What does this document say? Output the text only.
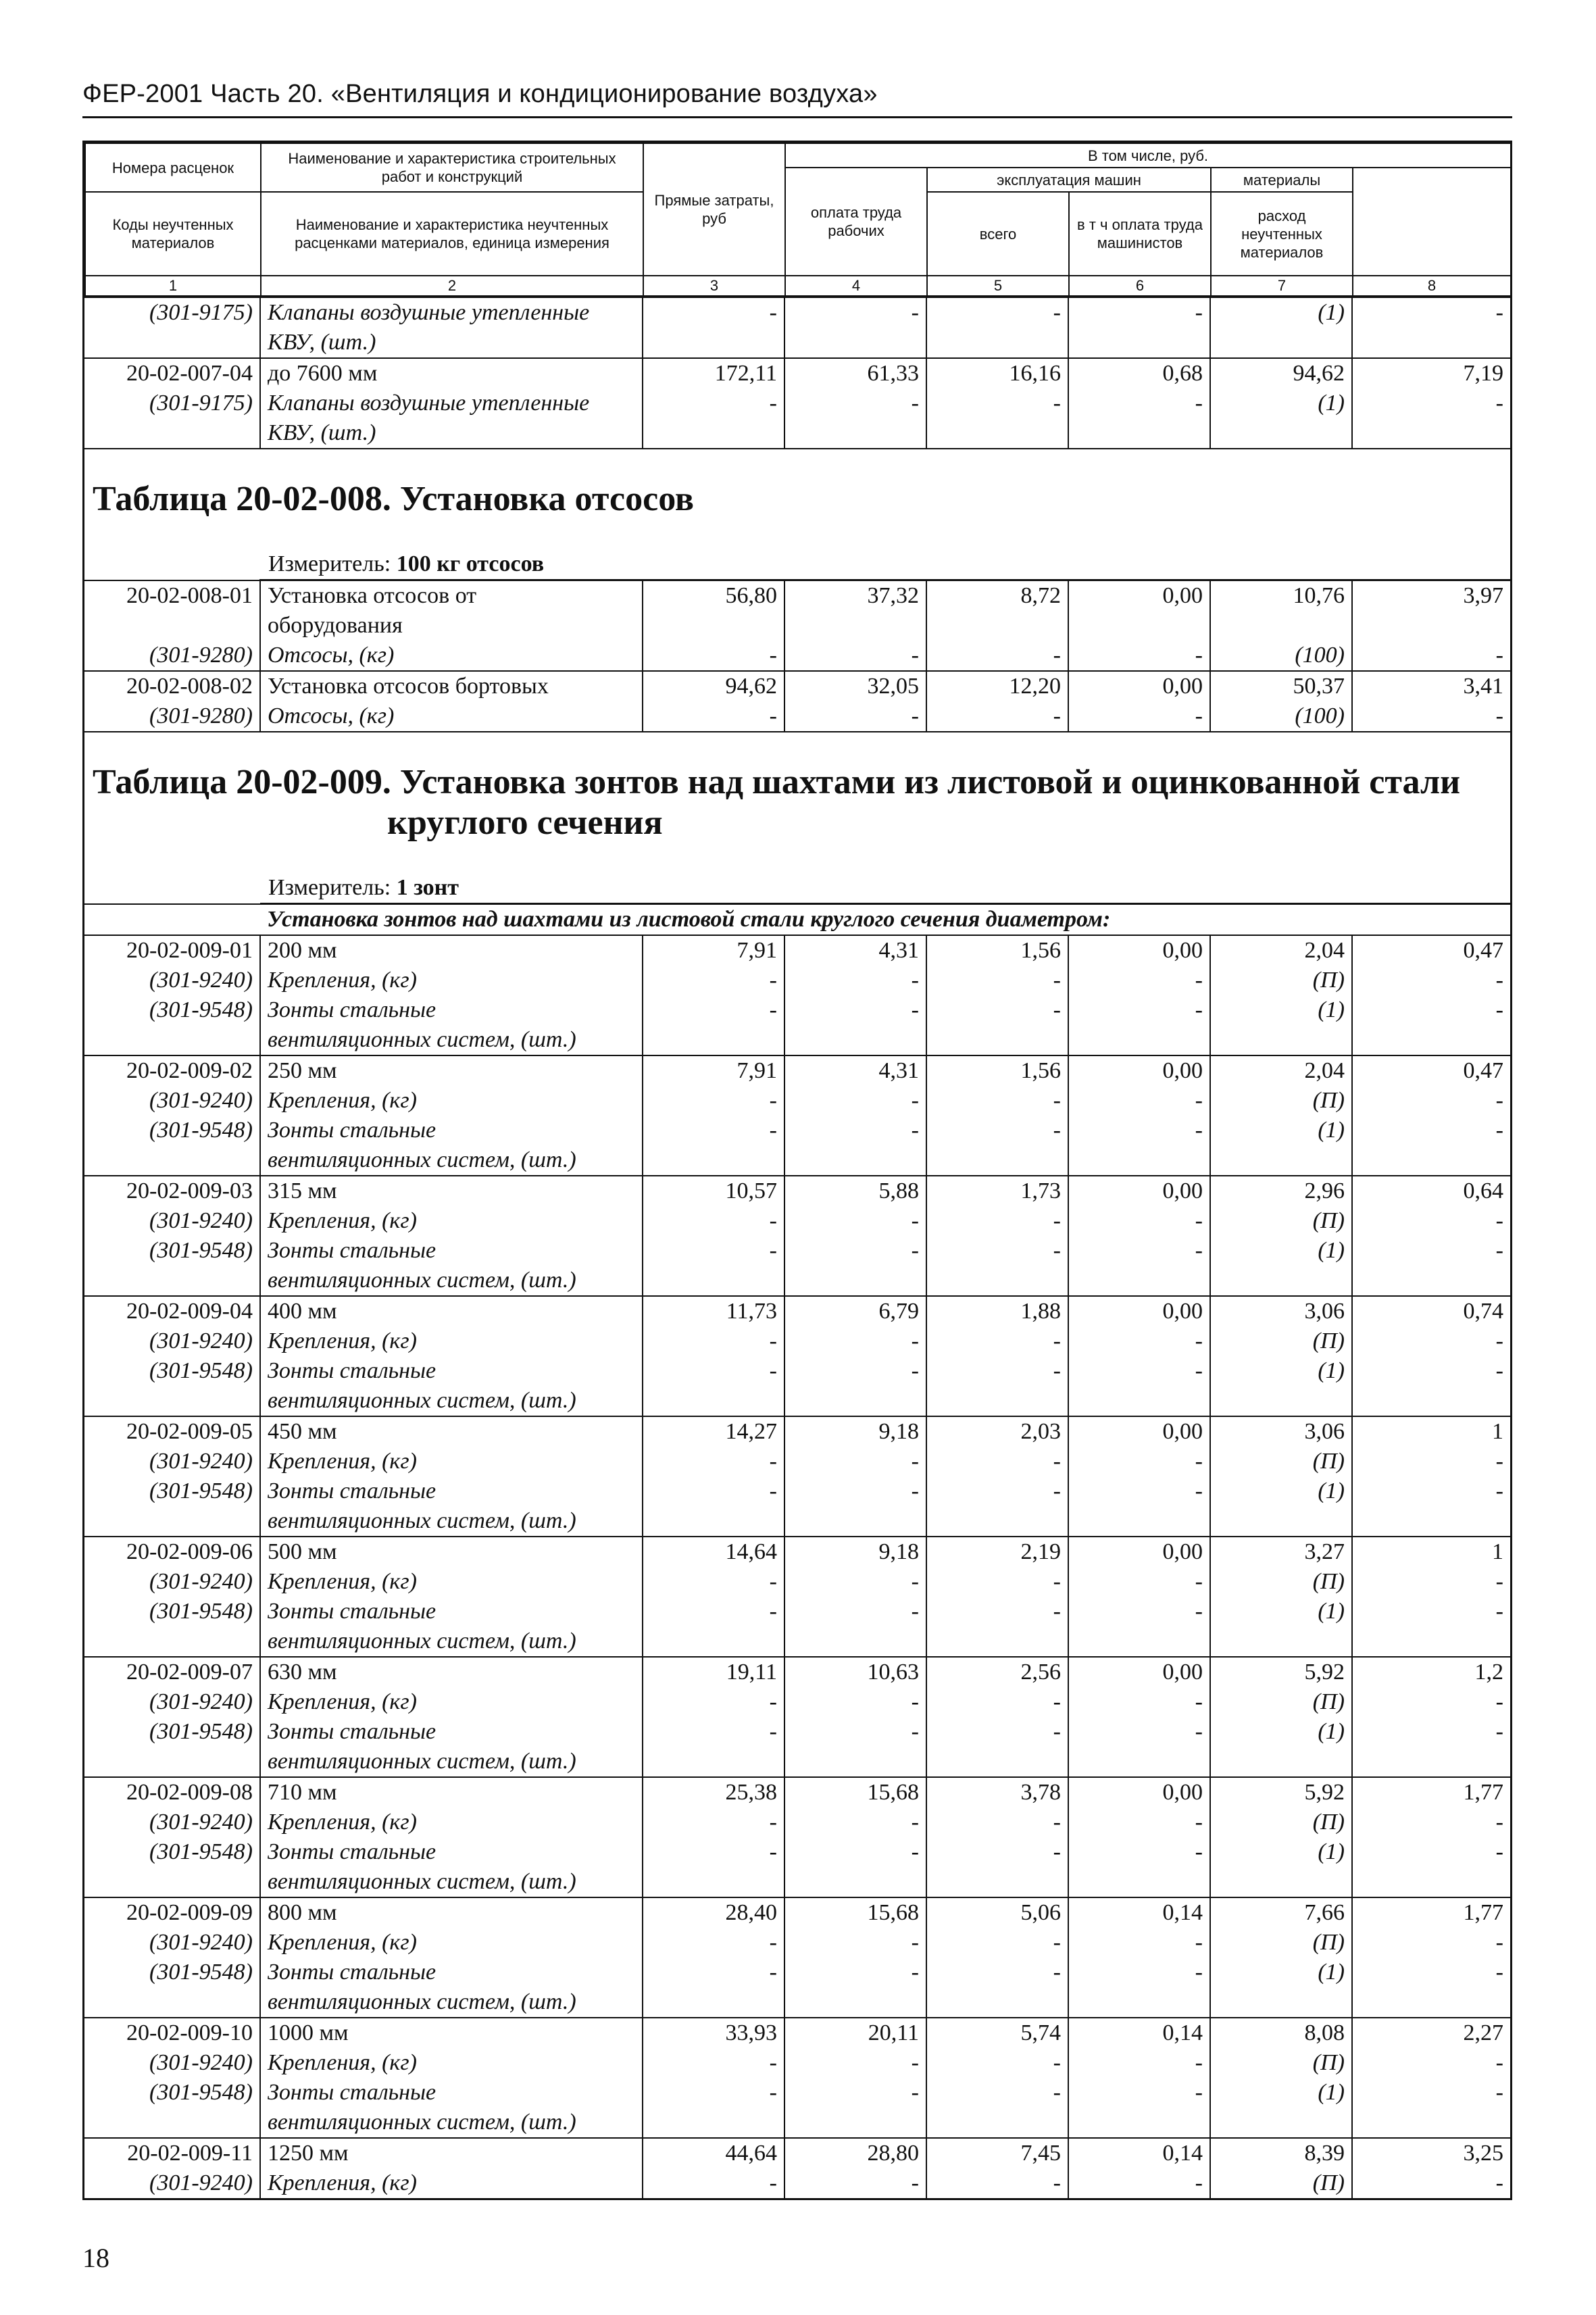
ФЕР-2001 Часть 20. «Вентиляция и кондиционирование воздуха»
Номера расценок	Наименование и характеристика строительных работ и конструкций	Прямые затраты, руб	В том числе, руб.	
			оплата труда рабочих	эксплуатация машин		материалы		
Коды неучтенных материалов	Наименование и характеристика неучтенных расценками материалов, единица измерения			всего	в т ч оплата труда машинистов	расход неучтенных материалов		

1	2	3	4	5	6	7	8	
(301-9175)	Клапаны воздушные утепленные	-	-	-	-	(1)	-
	КВУ, (шт.)						
20-02-007-04	до 7600 мм	172,11	61,33	16,16	0,68	94,62	7,19
(301-9175)	Клапаны воздушные утепленные	-	-	-	-	(1)	-
	КВУ, (шт.)						

Таблица 20-02-008. Установка отсосов							

	Измеритель: 100 кг отсосов						
20-02-008-01	Установка отсосов от	56,80	37,32	8,72	0,00	10,76	3,97
	оборудования						
(301-9280)	Отсосы, (кг)	-	-	-	-	(100)	-
20-02-008-02	Установка отсосов бортовых	94,62	32,05	12,20	0,00	50,37	3,41
(301-9280)	Отсосы, (кг)	-	-	-	-	(100)	-

Таблица 20-02-009. Установка зонтов над шахтами из листовой и оцинкованной стали
круглого сечения							

	Измеритель: 1 зонт						
	Установка зонтов над шахтами из листовой стали круглого сечения диаметром:						
20-02-009-01	200 мм	7,91	4,31	1,56	0,00	2,04	0,47
(301-9240)	Крепления, (кг)	-	-	-	-	(П)	-
(301-9548)	Зонты стальные	-	-	-	-	(1)	-
	вентиляционных систем, (шт.)						
20-02-009-02	250 мм	7,91	4,31	1,56	0,00	2,04	0,47
(301-9240)	Крепления, (кг)	-	-	-	-	(П)	-
(301-9548)	Зонты стальные	-	-	-	-	(1)	-
	вентиляционных систем, (шт.)						
20-02-009-03	315 мм	10,57	5,88	1,73	0,00	2,96	0,64
(301-9240)	Крепления, (кг)	-	-	-	-	(П)	-
(301-9548)	Зонты стальные	-	-	-	-	(1)	-
	вентиляционных систем, (шт.)						
20-02-009-04	400 мм	11,73	6,79	1,88	0,00	3,06	0,74
(301-9240)	Крепления, (кг)	-	-	-	-	(П)	-
(301-9548)	Зонты стальные	-	-	-	-	(1)	-
	вентиляционных систем, (шт.)						
20-02-009-05	450 мм	14,27	9,18	2,03	0,00	3,06	1
(301-9240)	Крепления, (кг)	-	-	-	-	(П)	-
(301-9548)	Зонты стальные	-	-	-	-	(1)	-
	вентиляционных систем, (шт.)						
20-02-009-06	500 мм	14,64	9,18	2,19	0,00	3,27	1
(301-9240)	Крепления, (кг)	-	-	-	-	(П)	-
(301-9548)	Зонты стальные	-	-	-	-	(1)	-
	вентиляционных систем, (шт.)						
20-02-009-07	630 мм	19,11	10,63	2,56	0,00	5,92	1,2
(301-9240)	Крепления, (кг)	-	-	-	-	(П)	-
(301-9548)	Зонты стальные	-	-	-	-	(1)	-
	вентиляционных систем, (шт.)						
20-02-009-08	710 мм	25,38	15,68	3,78	0,00	5,92	1,77
(301-9240)	Крепления, (кг)	-	-	-	-	(П)	-
(301-9548)	Зонты стальные	-	-	-	-	(1)	-
	вентиляционных систем, (шт.)						
20-02-009-09	800 мм	28,40	15,68	5,06	0,14	7,66	1,77
(301-9240)	Крепления, (кг)	-	-	-	-	(П)	-
(301-9548)	Зонты стальные	-	-	-	-	(1)	-
	вентиляционных систем, (шт.)						
20-02-009-10	1000 мм	33,93	20,11	5,74	0,14	8,08	2,27
(301-9240)	Крепления, (кг)	-	-	-	-	(П)	-
(301-9548)	Зонты стальные	-	-	-	-	(1)	-
	вентиляционных систем, (шт.)						
20-02-009-11	1250 мм	44,64	28,80	7,45	0,14	8,39	3,25
(301-9240)	Крепления, (кг)	-	-	-	-	(П)	-
18
